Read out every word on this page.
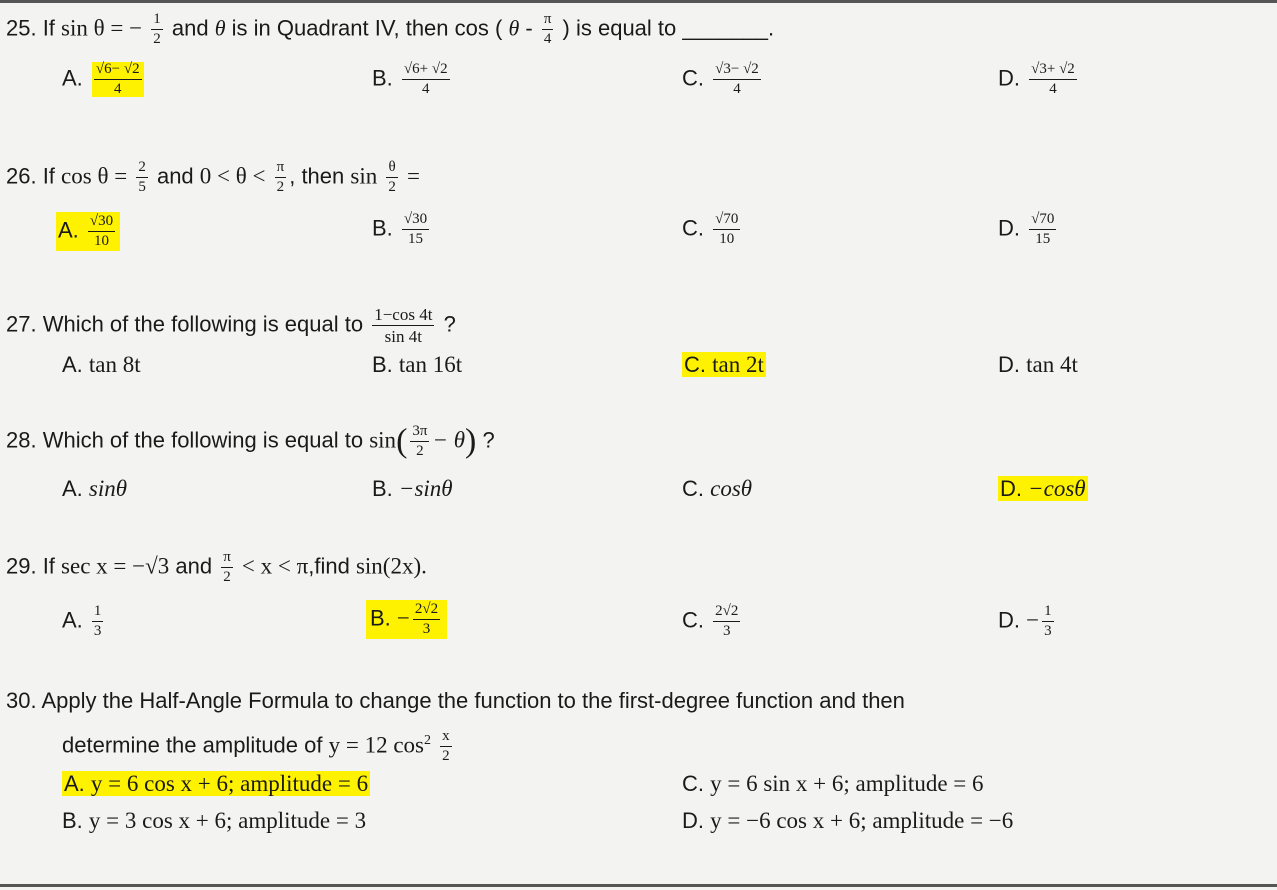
25. If sin θ = − $\frac{1}{2}$ and θ is in Quadrant IV, then cos ( θ - $\frac{\pi}{4}$ ) is equal to _______.
A. $\frac{√6- √2}{4}$	B. $\frac{√6+ √2}{4}$	C. $\frac{√3- √2}{4}$	D. $\frac{√3+ √2}{4}$
26. If $\cos \theta = \frac{2}{5}$ and $0 < \theta < \frac{\pi}{2}$ , then $\sin \frac{\theta}{2}$ =
A. $\frac{√30}{10}$	B. $\frac{√30}{15}$	C. $\frac{√70}{10}$	D. $\frac{√70}{15}$
27. Which of the following is equal to $\frac{1-\cos 4t}{\sin 4t}$ ?
A. tan 8t	B. tan 16t	C. tan 2t	D. tan 4t
28. Which of the following is equal to $\sin( \frac{3\pi}{2} - \theta)$ ?
A. sinθ	B. −sinθ	C. cosθ	D. −cosθ
29. If sec x = −√3 and $\frac{\pi}{2} < x$ < π,find sin(2x).
A. $\frac{1}{3}$	B. − $\frac{2√2}{3}$	C. $\frac{2√2}{3}$	D. − $\frac{1}{3}$
30. Apply the Half-Angle Formula to change the function to the first-degree function and then
determine the amplitude of y = 12 $\cos^2 \frac{x}{2}$
A. y = 6 cos x + 6; amplitude = 6	C. y = 6 sin x + 6; amplitude = 6
B. y = 3 cos x + 6; amplitude = 3	D. y = −6 cos x + 6; amplitude = −6
